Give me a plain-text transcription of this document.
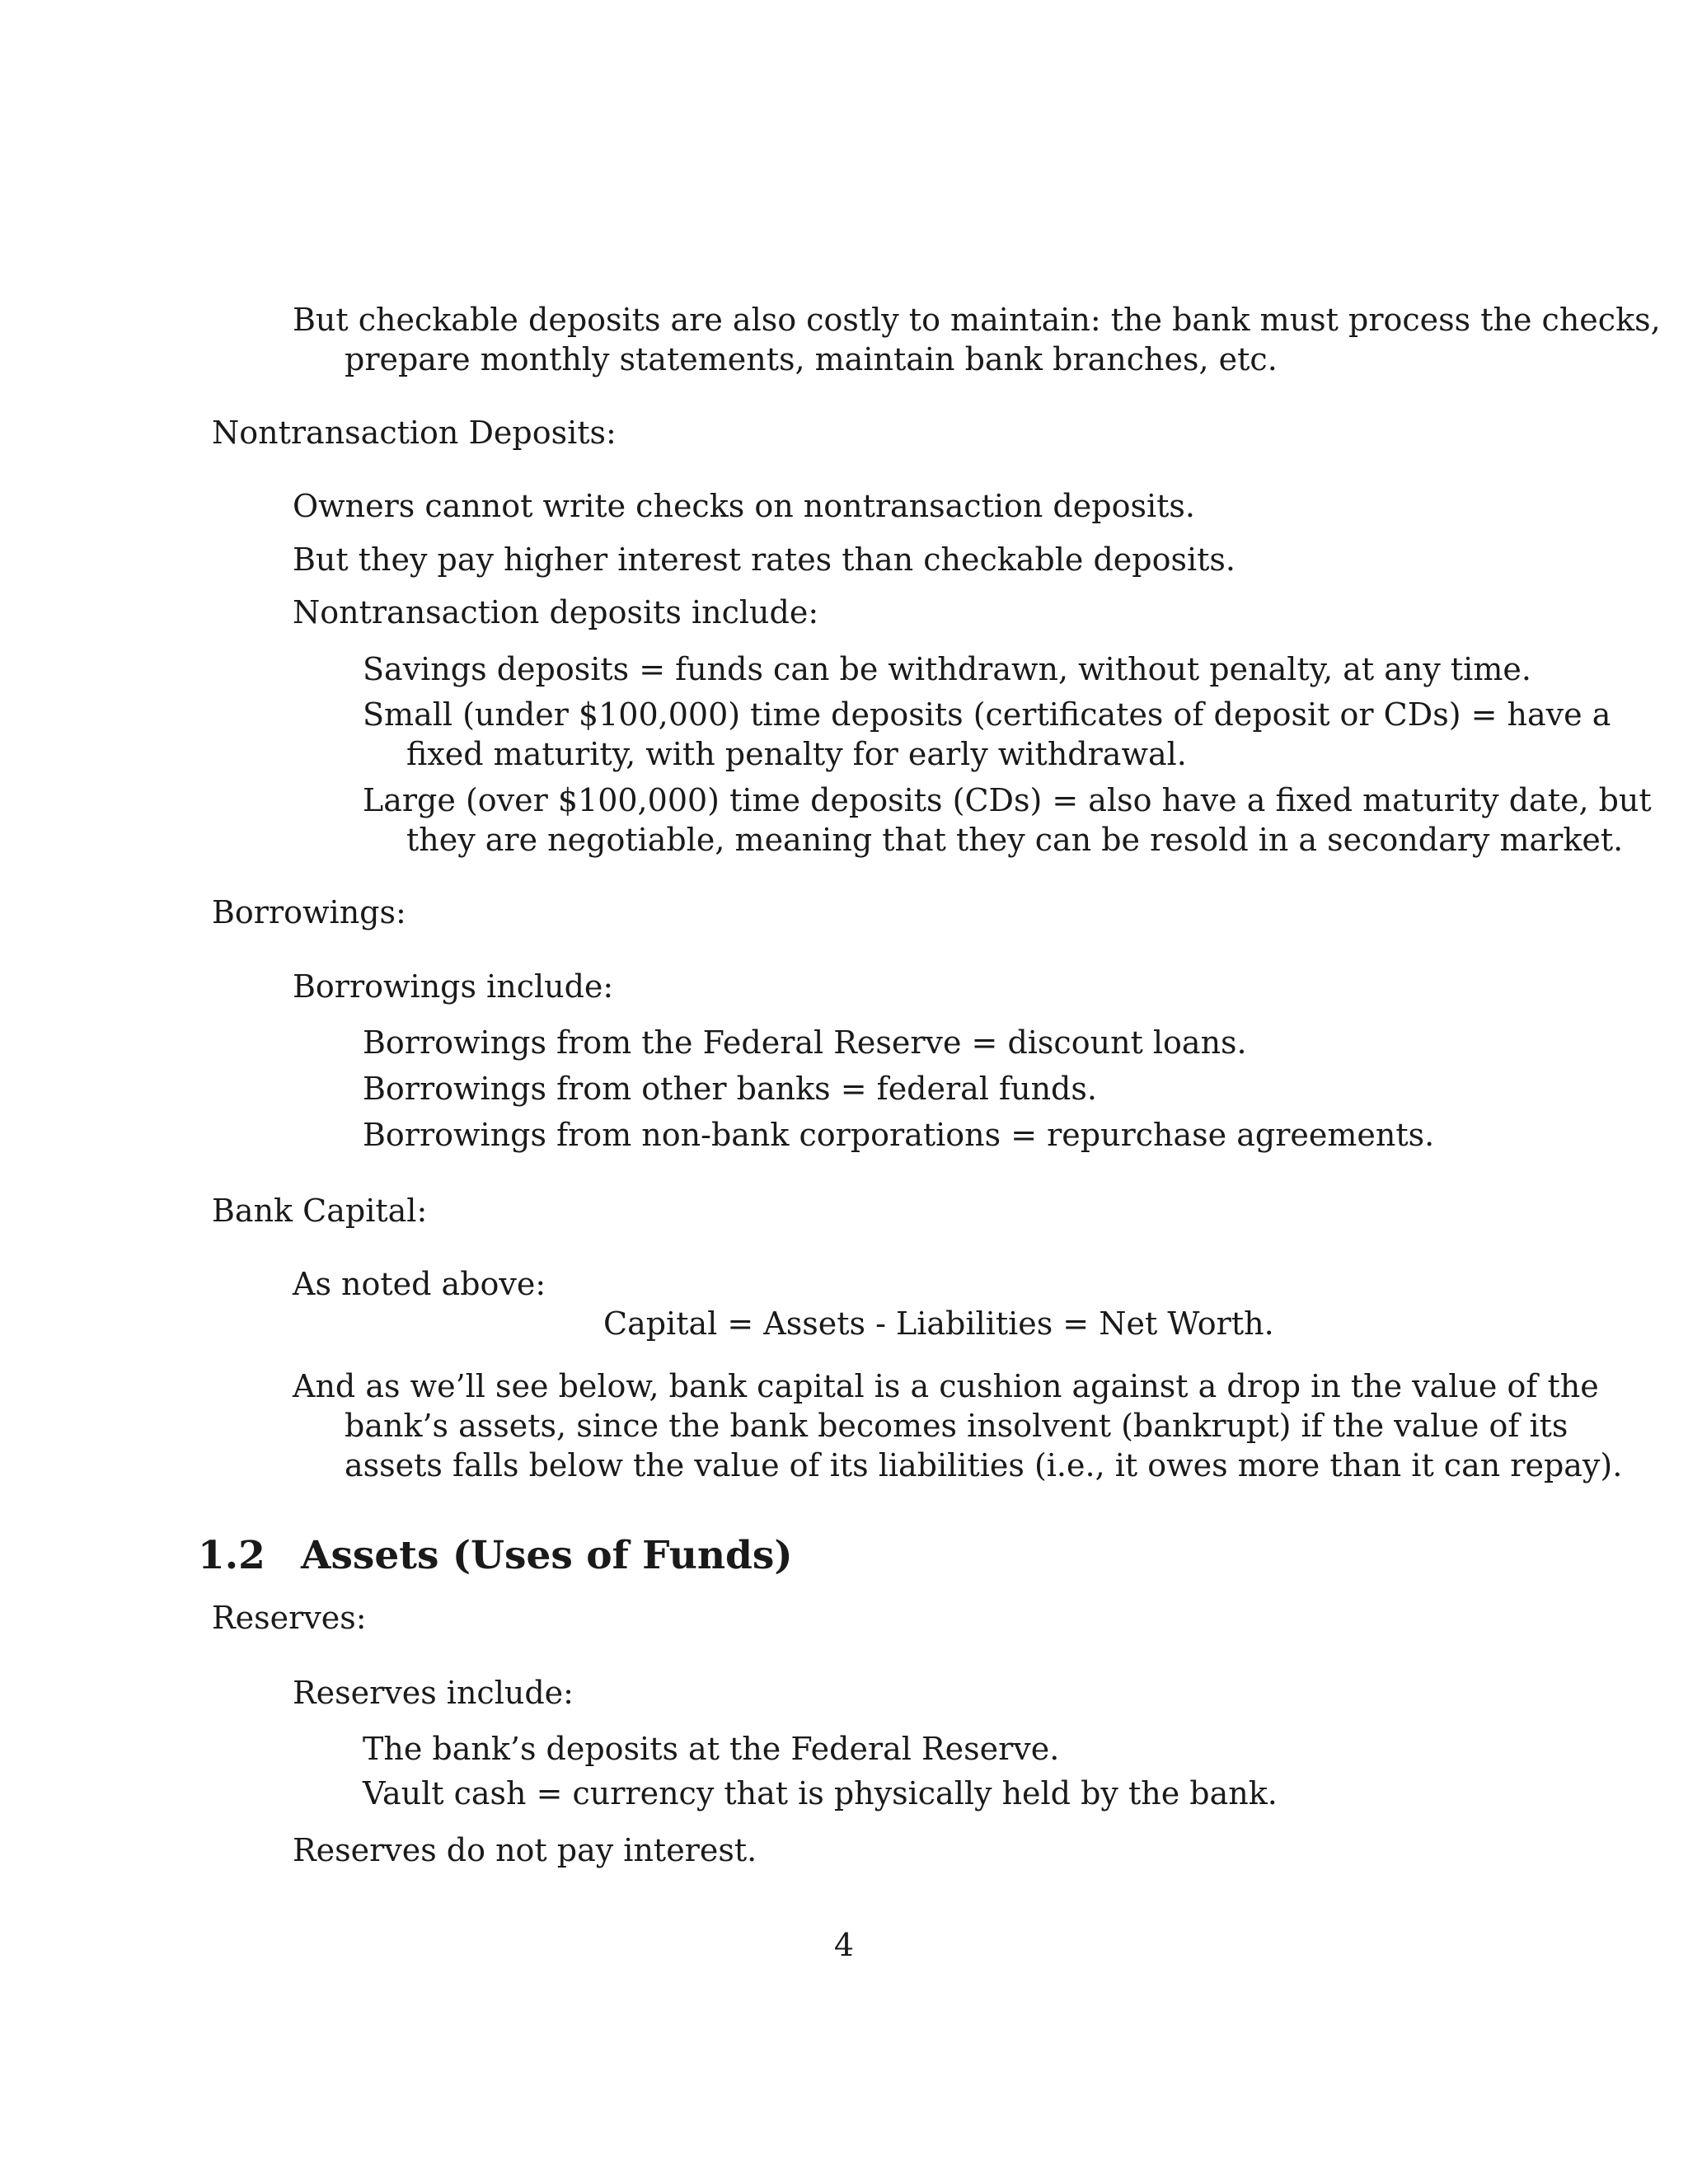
But checkable deposits are also costly to maintain: the bank must process the checks,
prepare monthly statements, maintain bank branches, etc.
Nontransaction Deposits:
Owners cannot write checks on nontransaction deposits.
But they pay higher interest rates than checkable deposits.
Nontransaction deposits include:
Savings deposits = funds can be withdrawn, without penalty, at any time.
Small (under $100,000) time deposits (certificates of deposit or CDs) = have a
fixed maturity, with penalty for early withdrawal.
Large (over $100,000) time deposits (CDs) = also have a fixed maturity date, but
they are negotiable, meaning that they can be resold in a secondary market.
Borrowings:
Borrowings include:
Borrowings from the Federal Reserve = discount loans.
Borrowings from other banks = federal funds.
Borrowings from non-bank corporations = repurchase agreements.
Bank Capital:
As noted above:
Capital = Assets - Liabilities = Net Worth.
And as we’ll see below, bank capital is a cushion against a drop in the value of the
bank’s assets, since the bank becomes insolvent (bankrupt) if the value of its
assets falls below the value of its liabilities (i.e., it owes more than it can repay).
1.2 Assets (Uses of Funds)
Reserves:
Reserves include:
The bank’s deposits at the Federal Reserve.
Vault cash = currency that is physically held by the bank.
Reserves do not pay interest.
4
